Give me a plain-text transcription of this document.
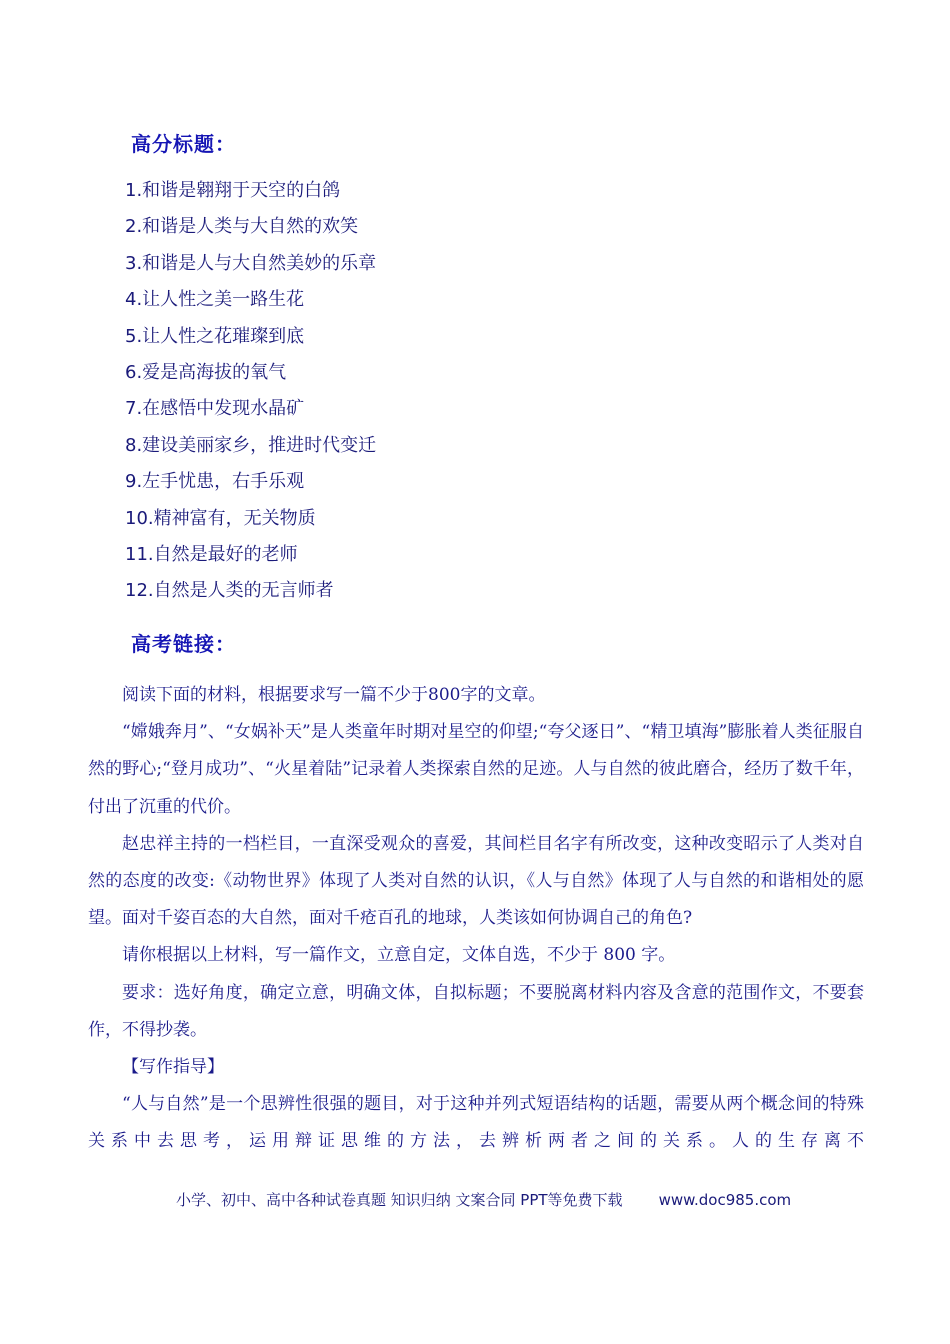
高分标题：
1.和谐是翱翔于天空的白鸽
2.和谐是人类与大自然的欢笑
3.和谐是人与大自然美妙的乐章
4.让人性之美一路生花
5.让人性之花璀璨到底
6.爱是高海拔的氧气
7.在感悟中发现水晶矿
8.建设美丽家乡，推进时代变迁
9.左手忧患，右手乐观
10.精神富有，无关物质
11.自然是最好的老师
12.自然是人类的无言师者
高考链接：

阅读下面的材料，根据要求写一篇不少于800字的文章。

“嫦娥奔月”、“女娲补天”是人类童年时期对星空的仰望;“夸父逐日”、“精卫填海”膨胀着人类征服自然的野心;“登月成功”、“火星着陆”记录着人类探索自然的足迹。人与自然的彼此磨合，经历了数千年，付出了沉重的代价。

赵忠祥主持的一档栏目，一直深受观众的喜爱，其间栏目名字有所改变，这种改变昭示了人类对自然的态度的改变:《动物世界》体现了人类对自然的认识，《人与自然》体现了人与自然的和谐相处的愿望。面对千姿百态的大自然，面对千疮百孔的地球，人类该如何协调自己的角色?

请你根据以上材料，写一篇作文，立意自定，文体自选，不少于 800 字。

要求：选好角度，确定立意，明确文体，自拟标题；不要脱离材料内容及含意的范围作文，不要套作，不得抄袭。

【写作指导】

“人与自然”是一个思辨性很强的题目，对于这种并列式短语结构的话题，需要从两个概念间的特殊关系中去思考，运用辩证思维的方法，去辨析两者之间的关系。人的生存离不

小学、初中、高中各种试卷真题 知识归纳 文案合同 PPT等免费下载 www.doc985.com
